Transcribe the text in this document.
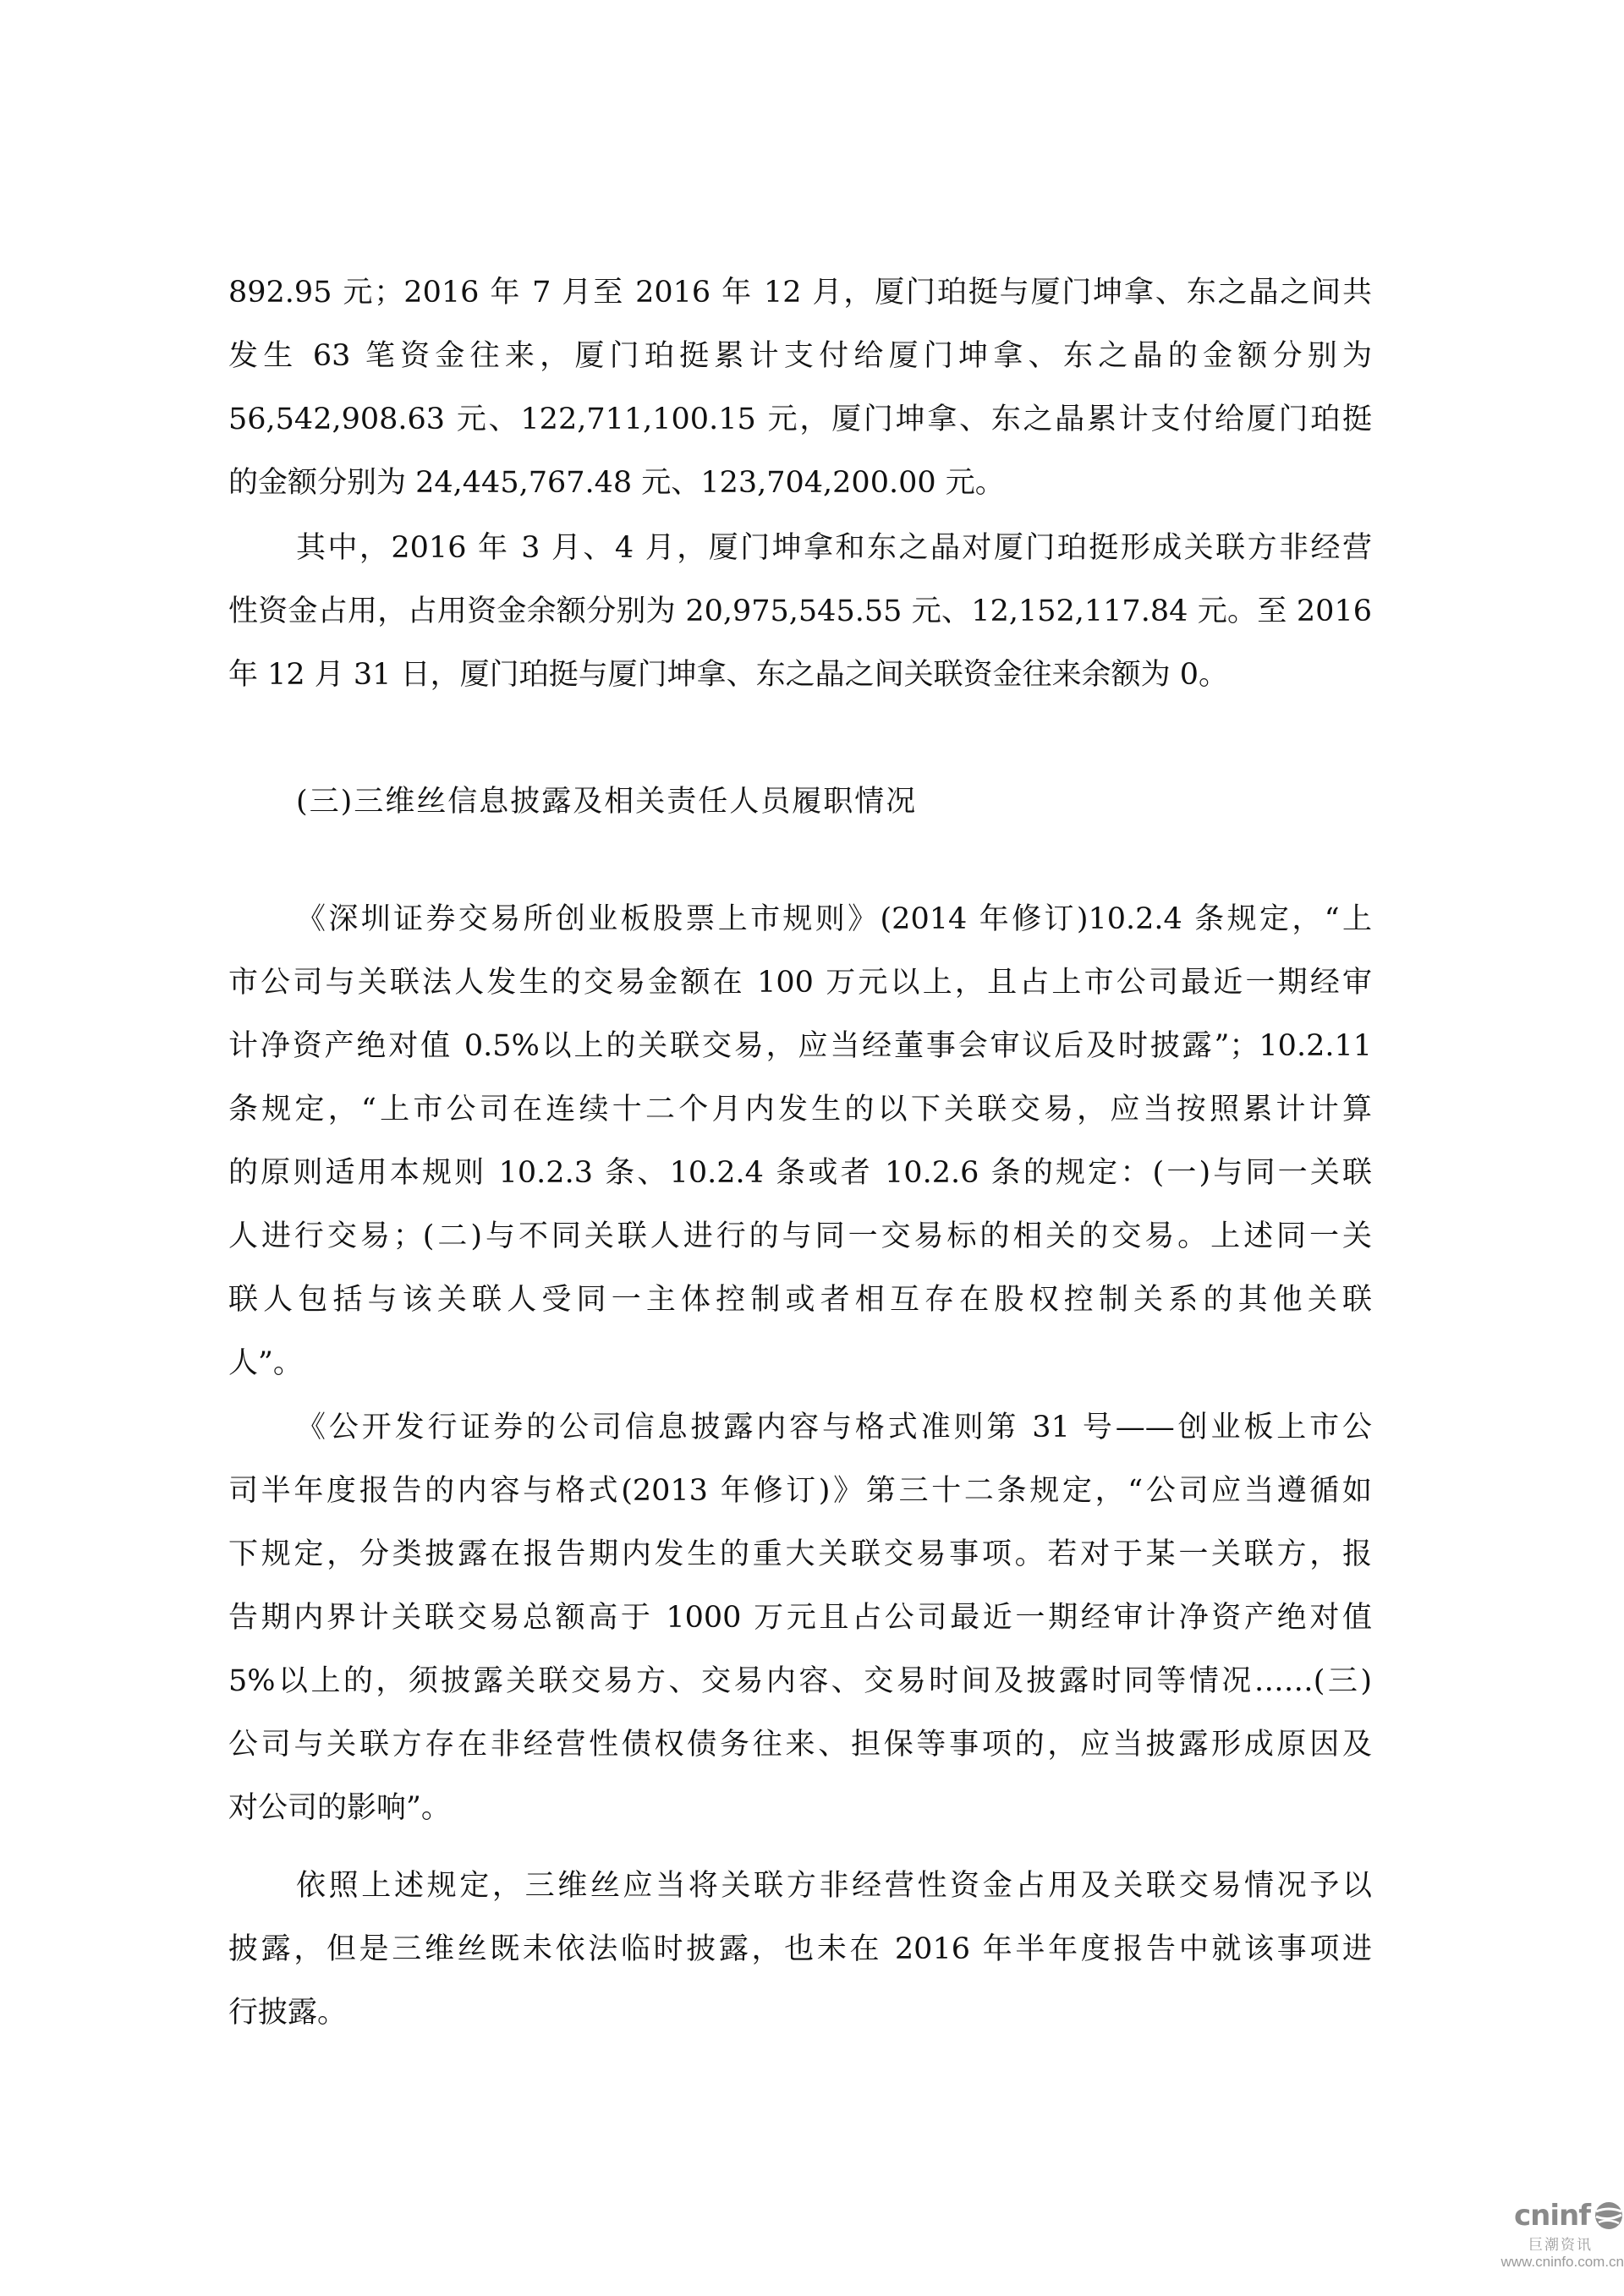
892.95 元；2016 年 7 月至 2016 年 12 月，厦门珀挺与厦门坤拿、东之晶之间共
发生 63 笔资金往来，厦门珀挺累计支付给厦门坤拿、东之晶的金额分别为
56,542,908.63 元、122,711,100.15 元，厦门坤拿、东之晶累计支付给厦门珀挺
的金额分别为 24,445,767.48 元、123,704,200.00 元。
其中，2016 年 3 月、4 月，厦门坤拿和东之晶对厦门珀挺形成关联方非经营
性资金占用，占用资金余额分别为 20,975,545.55 元、12,152,117.84 元。至 2016
年 12 月 31 日，厦门珀挺与厦门坤拿、东之晶之间关联资金往来余额为 0。
《深圳证券交易所创业板股票上市规则》(2014 年修订)10.2.4 条规定，“上
市公司与关联法人发生的交易金额在 100 万元以上，且占上市公司最近一期经审
计净资产绝对值 0.5%以上的关联交易，应当经董事会审议后及时披露”；10.2.11
条规定，“上市公司在连续十二个月内发生的以下关联交易，应当按照累计计算
的原则适用本规则 10.2.3 条、10.2.4 条或者 10.2.6 条的规定：(一)与同一关联
人进行交易；(二)与不同关联人进行的与同一交易标的相关的交易。上述同一关
联人包括与该关联人受同一主体控制或者相互存在股权控制关系的其他关联
人”。
《公开发行证券的公司信息披露内容与格式准则第 31 号——创业板上市公
司半年度报告的内容与格式(2013 年修订)》第三十二条规定，“公司应当遵循如
下规定，分类披露在报告期内发生的重大关联交易事项。若对于某一关联方，报
告期内界计关联交易总额高于 1000 万元且占公司最近一期经审计净资产绝对值
5%以上的，须披露关联交易方、交易内容、交易时间及披露时同等情况……(三)
公司与关联方存在非经营性债权债务往来、担保等事项的，应当披露形成原因及
对公司的影响”。
依照上述规定，三维丝应当将关联方非经营性资金占用及关联交易情况予以
披露，但是三维丝既未依法临时披露，也未在 2016 年半年度报告中就该事项进
行披露。
(三)三维丝信息披露及相关责任人员履职情况
cninf
巨潮资讯
www.cninfo.com.cn
